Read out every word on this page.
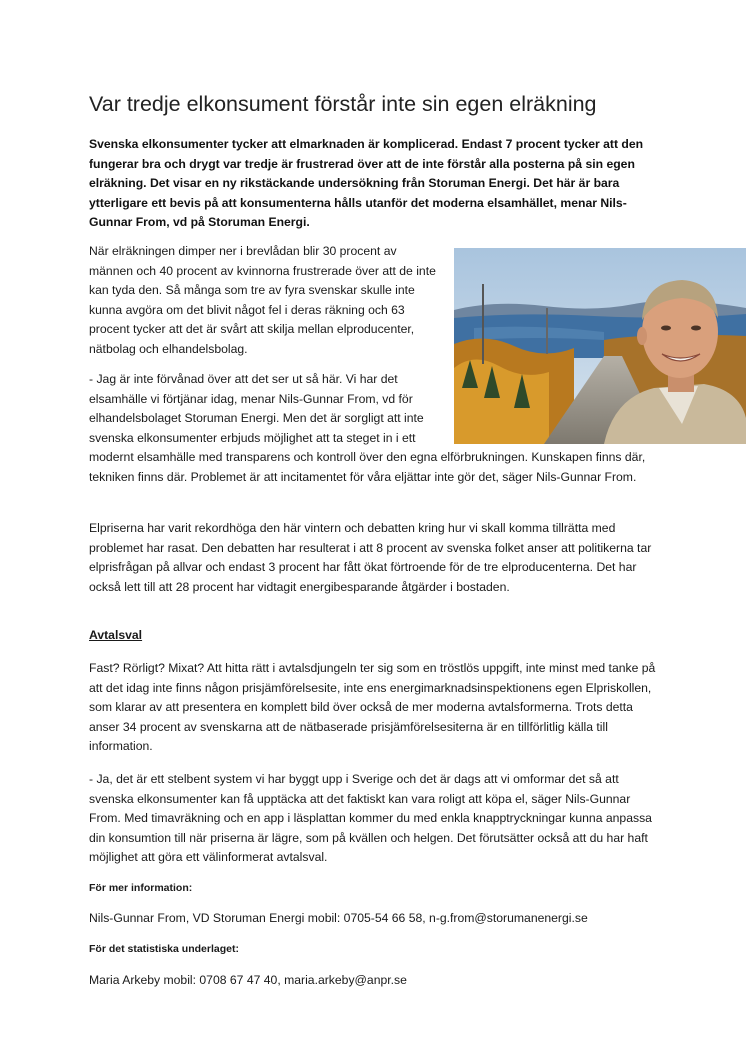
Var tredje elkonsument förstår inte sin egen elräkning

Svenska elkonsumenter tycker att elmarknaden är komplicerad. Endast 7 procent tycker att den fungerar bra och drygt var tredje är frustrerad över att de inte förstår alla posterna på sin egen elräkning. Det visar en ny rikstäckande undersökning från Storuman Energi. Det här är bara ytterligare ett bevis på att konsumenterna hålls utanför det moderna elsamhället, menar Nils-Gunnar From, vd på Storuman Energi.

När elräkningen dimper ner i brevlådan blir 30 procent av männen och 40 procent av kvinnorna frustrerade över att de inte kan tyda den. Så många som tre av fyra svenskar skulle inte kunna avgöra om det blivit något fel i deras räkning och 63 procent tycker att det är svårt att skilja mellan elproducenter, nätbolag och elhandelsbolag.

- Jag är inte förvånad över att det ser ut så här. Vi har det elsamhälle vi förtjänar idag, menar Nils-Gunnar From, vd för elhandelsbolaget Storuman Energi. Men det är sorgligt att inte svenska elkonsumenter erbjuds möjlighet att ta steget in i ett

modernt elsamhälle med transparens och kontroll över den egna elförbrukningen. Kunskapen finns där, tekniken finns där. Problemet är att incitamentet för våra eljättar inte gör det, säger Nils-Gunnar From.

Elpriserna har varit rekordhöga den här vintern och debatten kring hur vi skall komma tillrätta med problemet har rasat. Den debatten har resulterat i att 8 procent av svenska folket anser att politikerna tar elprisfrågan på allvar och endast 3 procent har fått ökat förtroende för de tre elproducenterna. Det har också lett till att 28 procent har vidtagit energibesparande åtgärder i bostaden.

Avtalsval

Fast? Rörligt? Mixat? Att hitta rätt i avtalsdjungeln ter sig som en tröstlös uppgift, inte minst med tanke på att det idag inte finns någon prisjämförelsesite, inte ens energimarknadsinspektionens egen Elpriskollen, som klarar av att presentera en komplett bild över också de mer moderna avtalsformerna. Trots detta anser 34 procent av svenskarna att de nätbaserade prisjämförelsesiterna är en tillförlitlig källa till information.

- Ja, det är ett stelbent system vi har byggt upp i Sverige och det är dags att vi omformar det så att svenska elkonsumenter kan få upptäcka att det faktiskt kan vara roligt att köpa el, säger Nils-Gunnar From. Med timavräkning och en app i läsplattan kommer du med enkla knapptryckningar kunna anpassa din konsumtion till när priserna är lägre, som på kvällen och helgen. Det förutsätter också att du har haft möjlighet att göra ett välinformerat avtalsval.

För mer information:

Nils-Gunnar From, VD Storuman Energi mobil: 0705-54 66 58, n-g.from@storumanenergi.se

För det statistiska underlaget:

Maria Arkeby mobil: 0708 67 47 40, maria.arkeby@anpr.se
